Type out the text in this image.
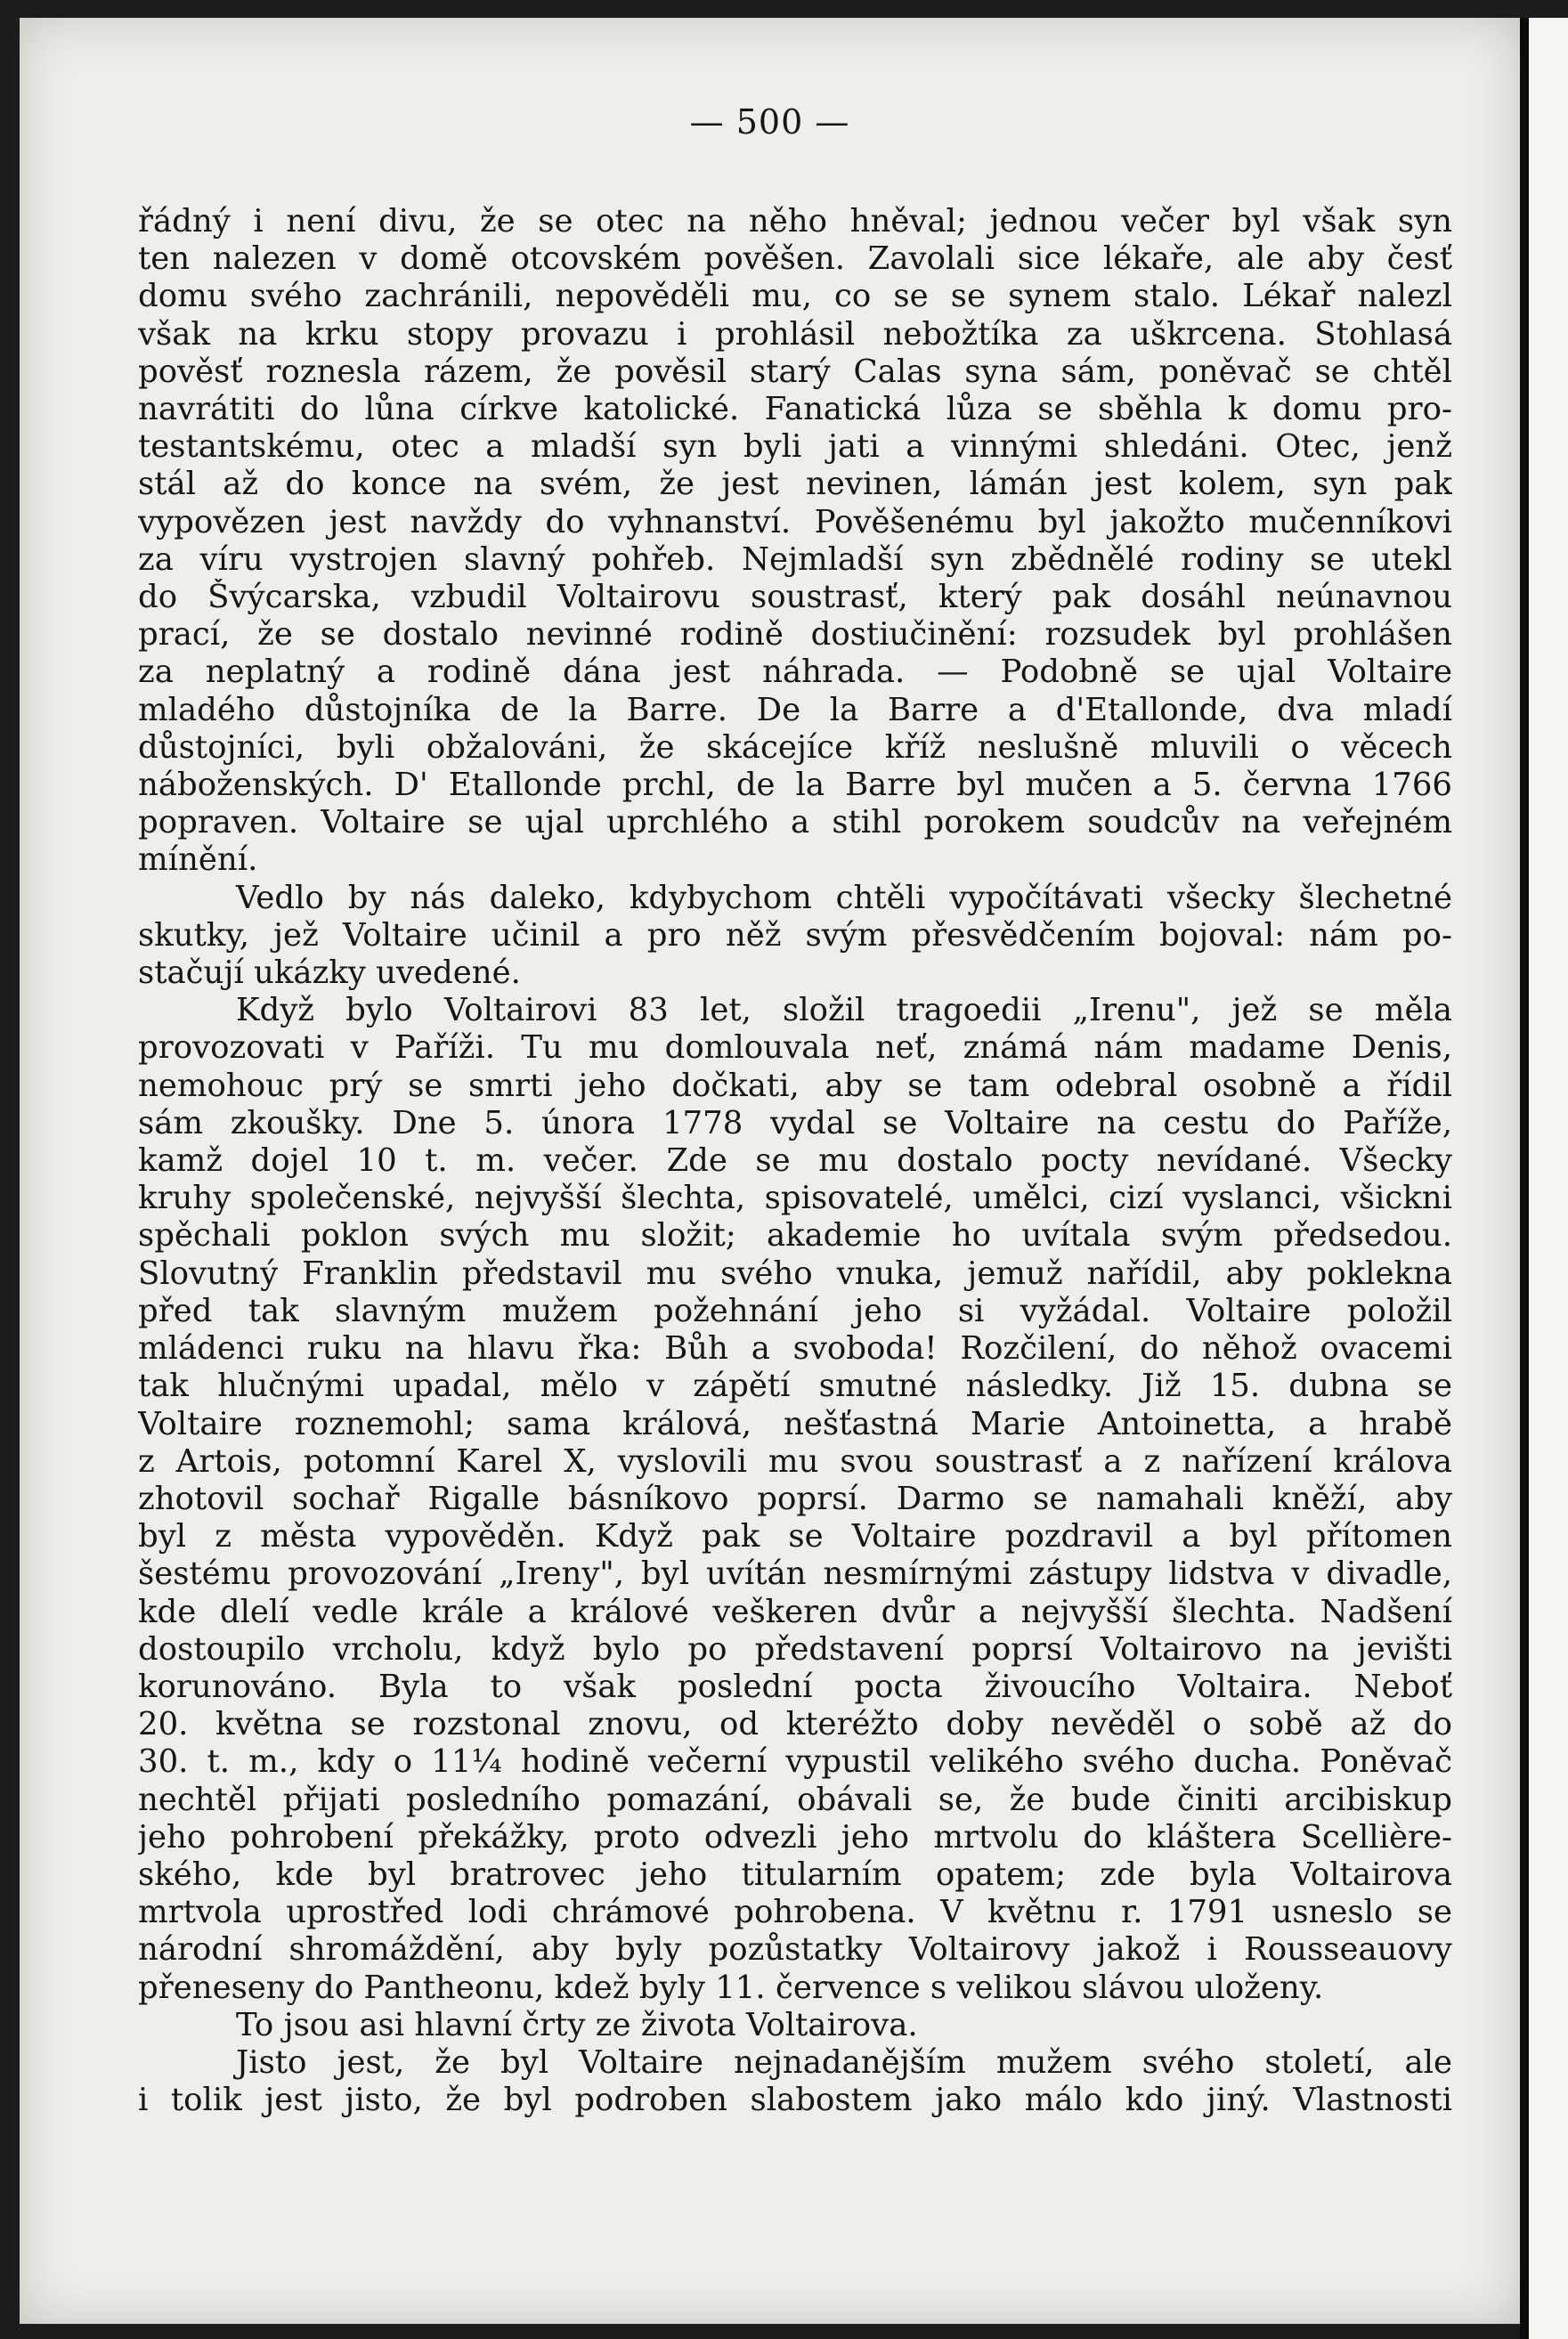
— 500 —

řádný i není divu, že se otec na něho hněval; jednou večer byl však syn

ten nalezen v domě otcovském pověšen. Zavolali sice lékaře, ale aby česť

domu svého zachránili, nepověděli mu, co se se synem stalo. Lékař nalezl

však na krku stopy provazu i prohlásil nebožtíka za uškrcena. Stohlasá

pověsť roznesla rázem, že pověsil starý Calas syna sám, poněvač se chtěl

navrátiti do lůna církve katolické. Fanatická lůza se sběhla k domu pro-

testantskému, otec a mladší syn byli jati a vinnými shledáni. Otec, jenž

stál až do konce na svém, že jest nevinen, lámán jest kolem, syn pak

vypovězen jest navždy do vyhnanství. Pověšenému byl jakožto mučenníkovi

za víru vystrojen slavný pohřeb. Nejmladší syn zbědnělé rodiny se utekl

do Švýcarska, vzbudil Voltairovu soustrasť, který pak dosáhl neúnavnou

prací, že se dostalo nevinné rodině dostiučinění: rozsudek byl prohlášen

za neplatný a rodině dána jest náhrada. — Podobně se ujal Voltaire

mladého důstojníka de la Barre. De la Barre a d'Etallonde, dva mladí

důstojníci, byli obžalováni, že skácejíce kříž neslušně mluvili o věcech

náboženských. D' Etallonde prchl, de la Barre byl mučen a 5. června 1766

popraven. Voltaire se ujal uprchlého a stihl porokem soudcův na veřejném

mínění.

Vedlo by nás daleko, kdybychom chtěli vypočítávati všecky šlechetné

skutky, jež Voltaire učinil a pro něž svým přesvědčením bojoval: nám po-

stačují ukázky uvedené.

Když bylo Voltairovi 83 let, složil tragoedii „Irenu", jež se měla

provozovati v Paříži. Tu mu domlouvala neť, známá nám madame Denis,

nemohouc prý se smrti jeho dočkati, aby se tam odebral osobně a řídil

sám zkoušky. Dne 5. února 1778 vydal se Voltaire na cestu do Paříže,

kamž dojel 10 t. m. večer. Zde se mu dostalo pocty nevídané. Všecky

kruhy společenské, nejvyšší šlechta, spisovatelé, umělci, cizí vyslanci, všickni

spěchali poklon svých mu složit; akademie ho uvítala svým předsedou.

Slovutný Franklin představil mu svého vnuka, jemuž nařídil, aby poklekna

před tak slavným mužem požehnání jeho si vyžádal. Voltaire položil

mládenci ruku na hlavu řka: Bůh a svoboda! Rozčilení, do něhož ovacemi

tak hlučnými upadal, mělo v zápětí smutné následky. Již 15. dubna se

Voltaire roznemohl; sama králová, nešťastná Marie Antoinetta, a hrabě

z Artois, potomní Karel X, vyslovili mu svou soustrasť a z nařízení králova

zhotovil sochař Rigalle básníkovo poprsí. Darmo se namahali kněží, aby

byl z města vypověděn. Když pak se Voltaire pozdravil a byl přítomen

šestému provozování „Ireny", byl uvítán nesmírnými zástupy lidstva v divadle,

kde dlelí vedle krále a králové veškeren dvůr a nejvyšší šlechta. Nadšení

dostoupilo vrcholu, když bylo po představení poprsí Voltairovo na jevišti

korunováno. Byla to však poslední pocta živoucího Voltaira. Neboť

20. května se rozstonal znovu, od kteréžto doby nevěděl o sobě až do

30. t. m., kdy o 11¼ hodině večerní vypustil velikého svého ducha. Poněvač

nechtěl přijati posledního pomazání, obávali se, že bude činiti arcibiskup

jeho pohrobení překážky, proto odvezli jeho mrtvolu do kláštera Scellière-

ského, kde byl bratrovec jeho titularním opatem; zde byla Voltairova

mrtvola uprostřed lodi chrámové pohrobena. V květnu r. 1791 usneslo se

národní shromáždění, aby byly pozůstatky Voltairovy jakož i Rousseauovy

přeneseny do Pantheonu, kdež byly 11. července s velikou slávou uloženy.

To jsou asi hlavní črty ze života Voltairova.

Jisto jest, že byl Voltaire nejnadanějším mužem svého století, ale

i tolik jest jisto, že byl podroben slabostem jako málo kdo jiný. Vlastnosti
